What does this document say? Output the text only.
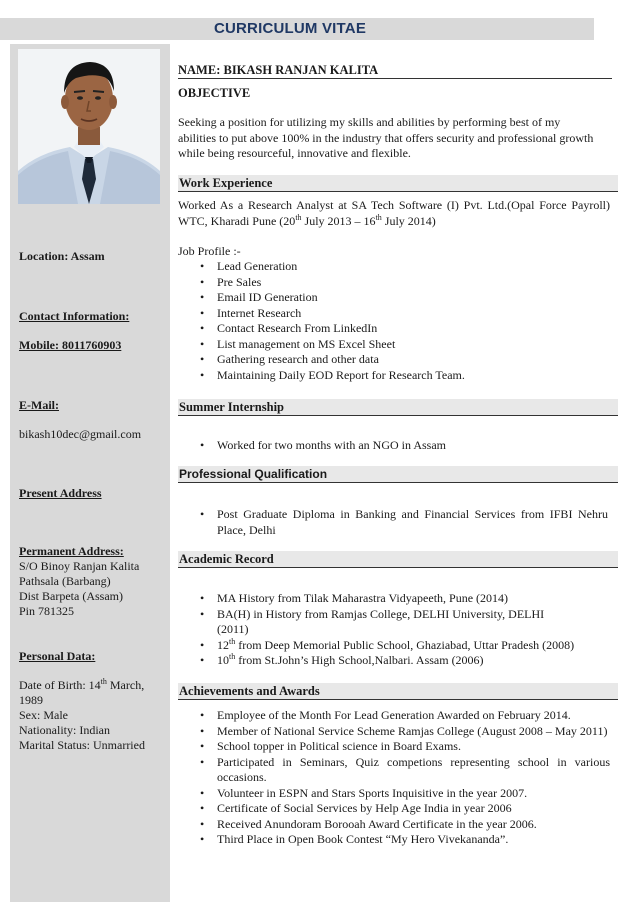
CURRICULUM VITAE
Location: Assam
Contact Information:
Mobile: 8011760903
E-Mail:
bikash10dec@gmail.com
Present Address
Permanent Address:
S/O Binoy Ranjan Kalita
Pathsala (Barbang)
Dist Barpeta (Assam)
Pin 781325
Personal Data:
Date of Birth: 14th March,
1989
Sex: Male
Nationality: Indian
Marital Status: Unmarried
NAME: BIKASH RANJAN KALITA
OBJECTIVE
Seeking a position for utilizing my skills and abilities by performing best of my abilities to put above 100% in the industry that offers security and professional growth while being resourceful, innovative and flexible.
Work Experience
Worked As a Research Analyst at SA Tech Software (I) Pvt. Ltd.(Opal Force Payroll) WTC, Kharadi Pune (20th July 2013 – 16th July 2014)
Job Profile :-
• Lead Generation
• Pre Sales
• Email ID Generation
• Internet Research
• Contact Research From LinkedIn
• List management on MS Excel Sheet
• Gathering research and other data
• Maintaining Daily EOD Report for Research Team.
Summer Internship
• Worked for two months with an NGO in Assam
Professional Qualification
• Post Graduate Diploma in Banking and Financial Services from IFBI Nehru Place, Delhi
Academic Record
• MA History from Tilak Maharastra Vidyapeeth, Pune (2014)
• BA(H) in History from Ramjas College, DELHI University, DELHI (2011)
• 12th from Deep Memorial Public School, Ghaziabad, Uttar Pradesh (2008)
• 10th from St.John’s High School,Nalbari. Assam (2006)
Achievements and Awards
• Employee of the Month For Lead Generation Awarded on February 2014.
• Member of National Service Scheme Ramjas College (August 2008 – May 2011)
• School topper in Political science in Board Exams.
• Participated in Seminars, Quiz competions representing school in various occasions.
• Volunteer in ESPN and Stars Sports Inquisitive in the year 2007.
• Certificate of Social Services by Help Age India in year 2006
• Received Anundoram Borooah Award Certificate in the year 2006.
• Third Place in Open Book Contest “My Hero Vivekananda”.
